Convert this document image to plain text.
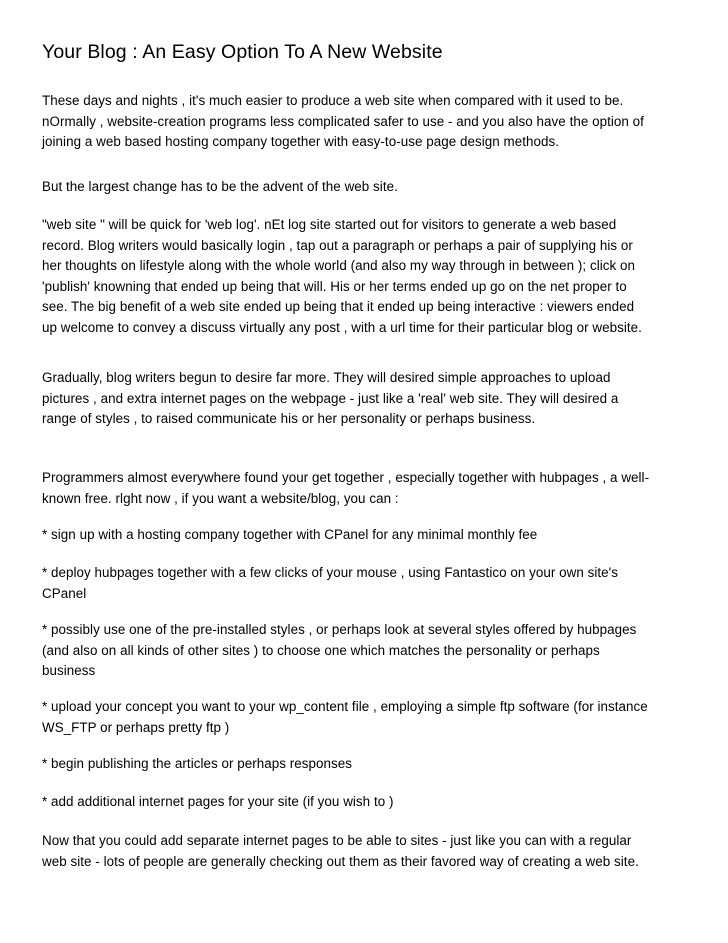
Your Blog : An Easy Option To A New Website

These days and nights , it's much easier to produce a web site when compared with it used to be.
nOrmally , website-creation programs less complicated safer to use - and you also have the option of
joining a web based hosting company together with easy-to-use page design methods.

But the largest change has to be the advent of the web site.

"web site " will be quick for 'web log'. nEt log site started out for visitors to generate a web based
record. Blog writers would basically login , tap out a paragraph or perhaps a pair of supplying his or
her thoughts on lifestyle along with the whole world (and also my way through in between ); click on
'publish' knowning that ended up being that will. His or her terms ended up go on the net proper to
see. The big benefit of a web site ended up being that it ended up being interactive : viewers ended
up welcome to convey a discuss virtually any post , with a url time for their particular blog or website.

Gradually, blog writers begun to desire far more. They will desired simple approaches to upload
pictures , and extra internet pages on the webpage - just like a 'real' web site. They will desired a
range of styles , to raised communicate his or her personality or perhaps business.

Programmers almost everywhere found your get together , especially together with hubpages , a well-
known free. rlght now , if you want a website/blog, you can :

* sign up with a hosting company together with CPanel for any minimal monthly fee

* deploy hubpages together with a few clicks of your mouse , using Fantastico on your own site's
CPanel

* possibly use one of the pre-installed styles , or perhaps look at several styles offered by hubpages
(and also on all kinds of other sites ) to choose one which matches the personality or perhaps
business

* upload your concept you want to your wp_content file , employing a simple ftp software (for instance
WS_FTP or perhaps pretty ftp )

* begin publishing the articles or perhaps responses

* add additional internet pages for your site (if you wish to )

Now that you could add separate internet pages to be able to sites - just like you can with a regular
web site - lots of people are generally checking out them as their favored way of creating a web site.
